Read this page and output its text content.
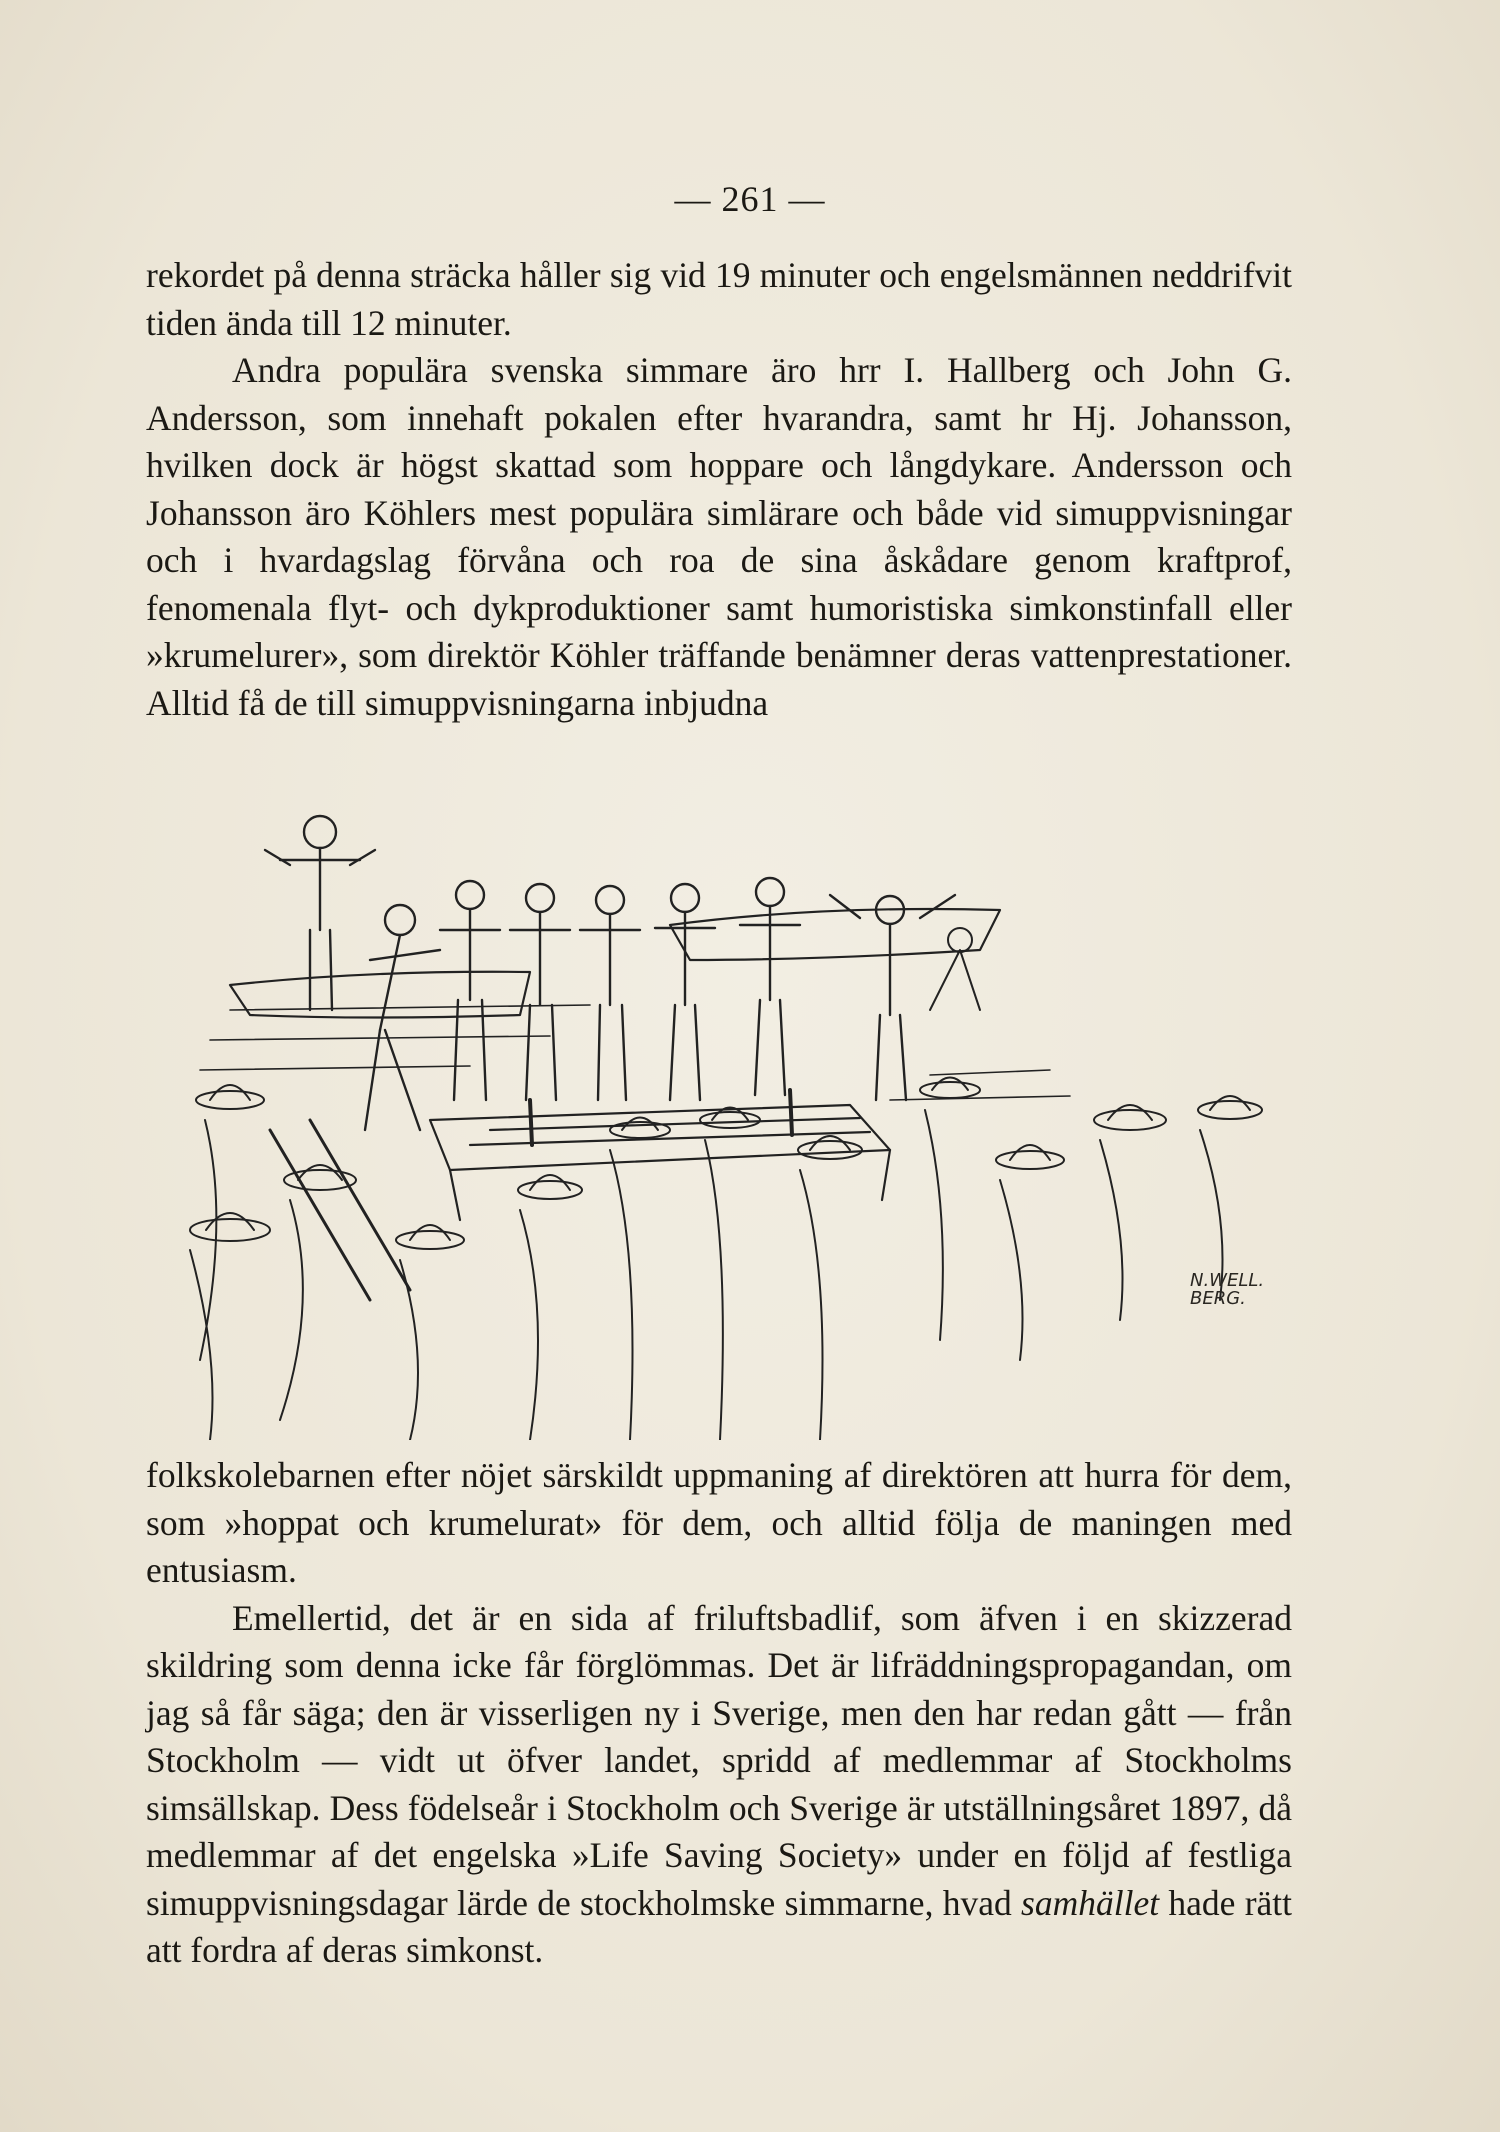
— 261 —

rekordet på denna sträcka håller sig vid 19 minuter och engelsmännen neddrifvit tiden ända till 12 minuter.

Andra populära svenska simmare äro hrr I. Hallberg och John G. Andersson, som innehaft pokalen efter hvarandra, samt hr Hj. Johansson, hvilken dock är högst skattad som hoppare och långdykare. Andersson och Johansson äro Köhlers mest populära simlärare och både vid simuppvisningar och i hvardagslag förvåna och roa de sina åskådare genom kraftprof, fenomenala flyt- och dykproduktioner samt humoristiska simkonstinfall eller »krumelurer», som direktör Köhler träffande benämner deras vattenprestationer. Alltid få de till simuppvisningarna inbjudna

N.WELL.
BERG.

folkskolebarnen efter nöjet särskildt uppmaning af direktören att hurra för dem, som »hoppat och krumelurat» för dem, och alltid följa de maningen med entusiasm.

Emellertid, det är en sida af friluftsbadlif, som äfven i en skizzerad skildring som denna icke får förglömmas. Det är lifräddningspropagandan, om jag så får säga; den är visserligen ny i Sverige, men den har redan gått — från Stockholm — vidt ut öfver landet, spridd af medlemmar af Stockholms simsällskap. Dess födelseår i Stockholm och Sverige är utställningsåret 1897, då medlemmar af det engelska »Life Saving Society» under en följd af festliga simuppvisningsdagar lärde de stockholmske simmarne, hvad samhället hade rätt att fordra af deras simkonst.
